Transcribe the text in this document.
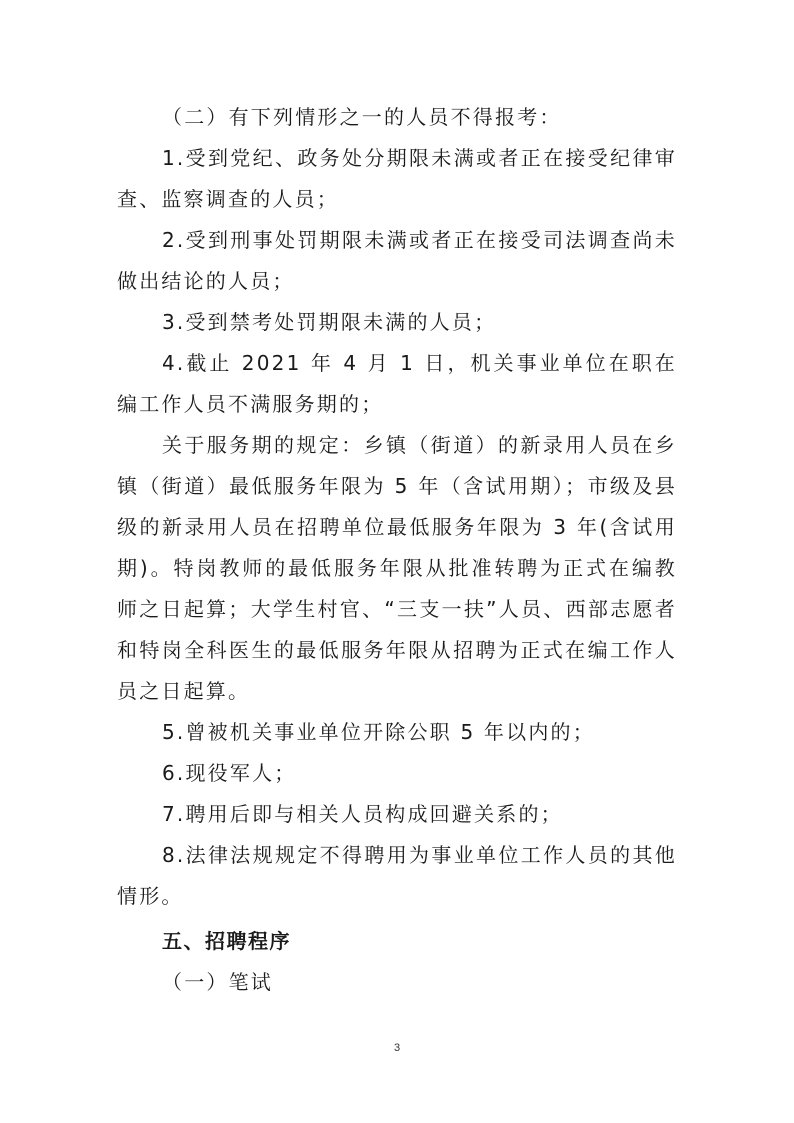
（二）有下列情形之一的人员不得报考：

1.受到党纪、政务处分期限未满或者正在接受纪律审查、监察调查的人员；

2.受到刑事处罚期限未满或者正在接受司法调查尚未做出结论的人员；

3.受到禁考处罚期限未满的人员；

4.截止 2021 年 4 月 1 日，机关事业单位在职在编工作人员不满服务期的；

关于服务期的规定：乡镇（街道）的新录用人员在乡镇（街道）最低服务年限为 5 年（含试用期）；市级及县级的新录用人员在招聘单位最低服务年限为 3 年(含试用期)。特岗教师的最低服务年限从批准转聘为正式在编教师之日起算；大学生村官、“三支一扶”人员、西部志愿者和特岗全科医生的最低服务年限从招聘为正式在编工作人员之日起算。

5.曾被机关事业单位开除公职 5 年以内的；

6.现役军人；

7.聘用后即与相关人员构成回避关系的；

8.法律法规规定不得聘用为事业单位工作人员的其他情形。

五、招聘程序

（一）笔试

3
